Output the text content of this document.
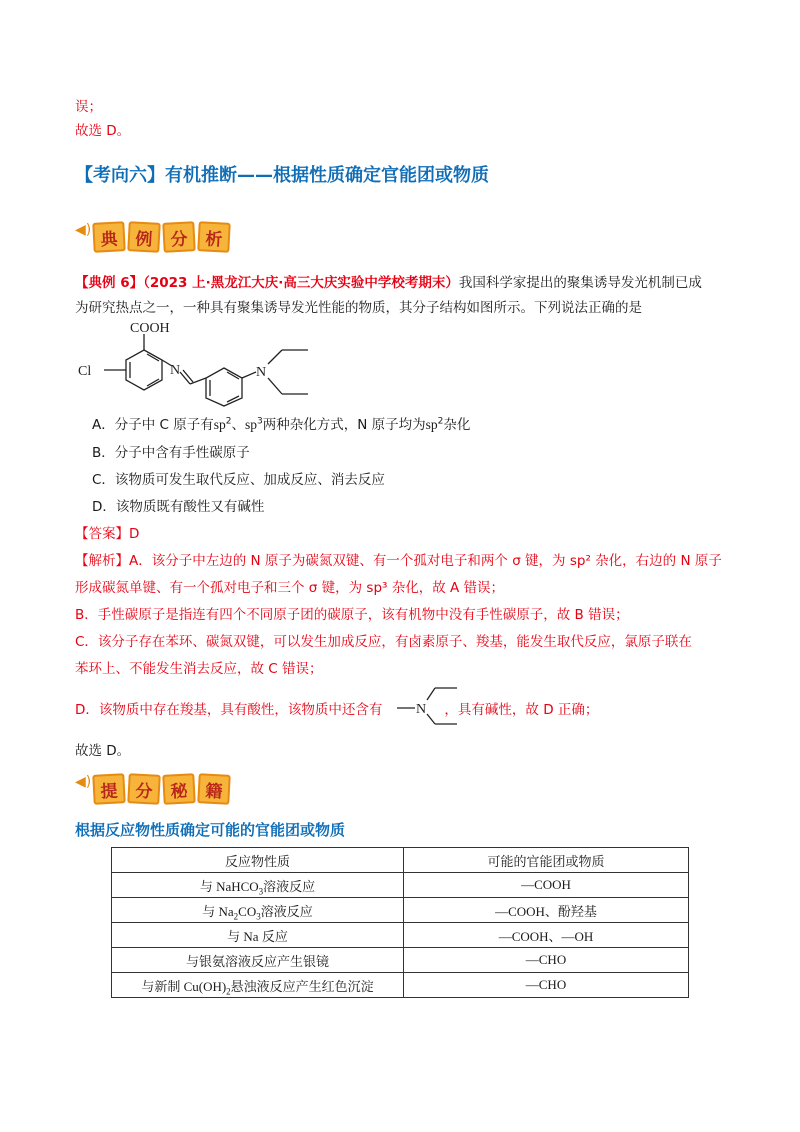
误；
故选 D。
【考向六】有机推断——根据性质确定官能团或物质
◀) 典 例	分 析
【典例 6】（2023 上·黑龙江大庆·高三大庆实验中学校考期末）我国科学家提出的聚集诱导发光机制已成
为研究热点之一，一种具有聚集诱导发光性能的物质，其分子结构如图所示。下列说法正确的是
COOH
Cl	N	N
A．分子中 C 原子有$sp^2$、$sp^3$两种杂化方式，N 原子均为$sp^2$杂化
B．分子中含有手性碳原子
C．该物质可发生取代反应、加成反应、消去反应
D．该物质既有酸性又有碱性
【答案】D
【解析】A．该分子中左边的 N 原子为碳氮双键、有一个孤对电子和两个 σ 键，为 sp² 杂化，右边的 N 原子
形成碳氮单键、有一个孤对电子和三个 σ 键，为 sp³ 杂化，故 A 错误；
B．手性碳原子是指连有四个不同原子团的碳原子，该有机物中没有手性碳原子，故 B 错误；
C．该分子存在苯环、碳氮双键，可以发生加成反应，有卤素原子、羧基，能发生取代反应，氯原子联在
苯环上、不能发生消去反应，故 C 错误；
D．该物质中存在羧基，具有酸性，该物质中还含有	，具有碱性，故 D 正确；
N
故选 D。
◀) 提 分	秘 籍
根据反应物性质确定可能的官能团或物质
反应物性质	可能的官能团或物质
与 NaHCO$_3$溶液反应	—COOH
与 $Na_2CO_3$溶液反应	—COOH、酚羟基
与 Na 反应	—COOH、—OH
与银氨溶液反应产生银镜	—CHO
与新制 $Cu(OH)_2$悬浊液反应产生红色沉淀	—CHO
